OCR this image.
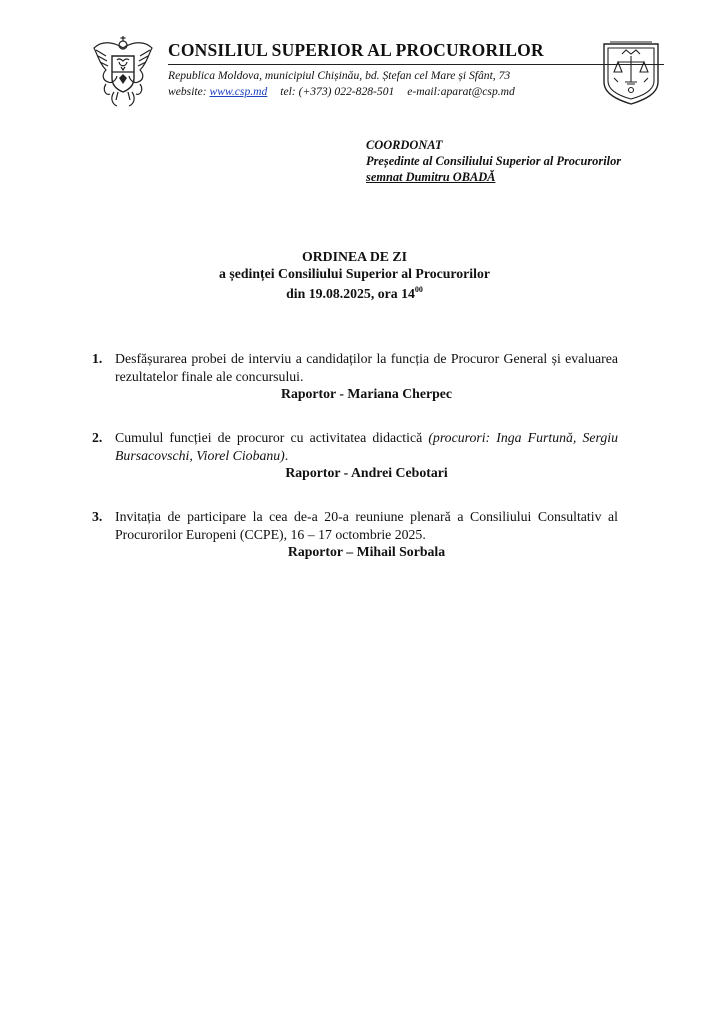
CONSILIUL SUPERIOR AL PROCURORILOR
Republica Moldova, municipiul Chișinău, bd. Ștefan cel Mare și Sfânt, 73
website: www.csp.md tel: (+373) 022-828-501 e-mail:aparat@csp.md
COORDONAT
Președinte al Consiliului Superior al Procurorilor
semnat Dumitru OBADĂ
ORDINEA DE ZI
a ședinței Consiliului Superior al Procurorilor
din 19.08.2025, ora $14^{00}$
1. Desfășurarea probei de interviu a candidaților la funcția de Procuror General și evaluarea rezultatelor finale ale concursului.
Raportor - Mariana Cherpec
2. Cumulul funcției de procuror cu activitatea didactică (procurori: Inga Furtună, Sergiu Bursacovschi, Viorel Ciobanu).
Raportor - Andrei Cebotari
3. Invitația de participare la cea de-a 20-a reuniune plenară a Consiliului Consultativ al Procurorilor Europeni (CCPE), 16 – 17 octombrie 2025.
Raportor – Mihail Sorbala
